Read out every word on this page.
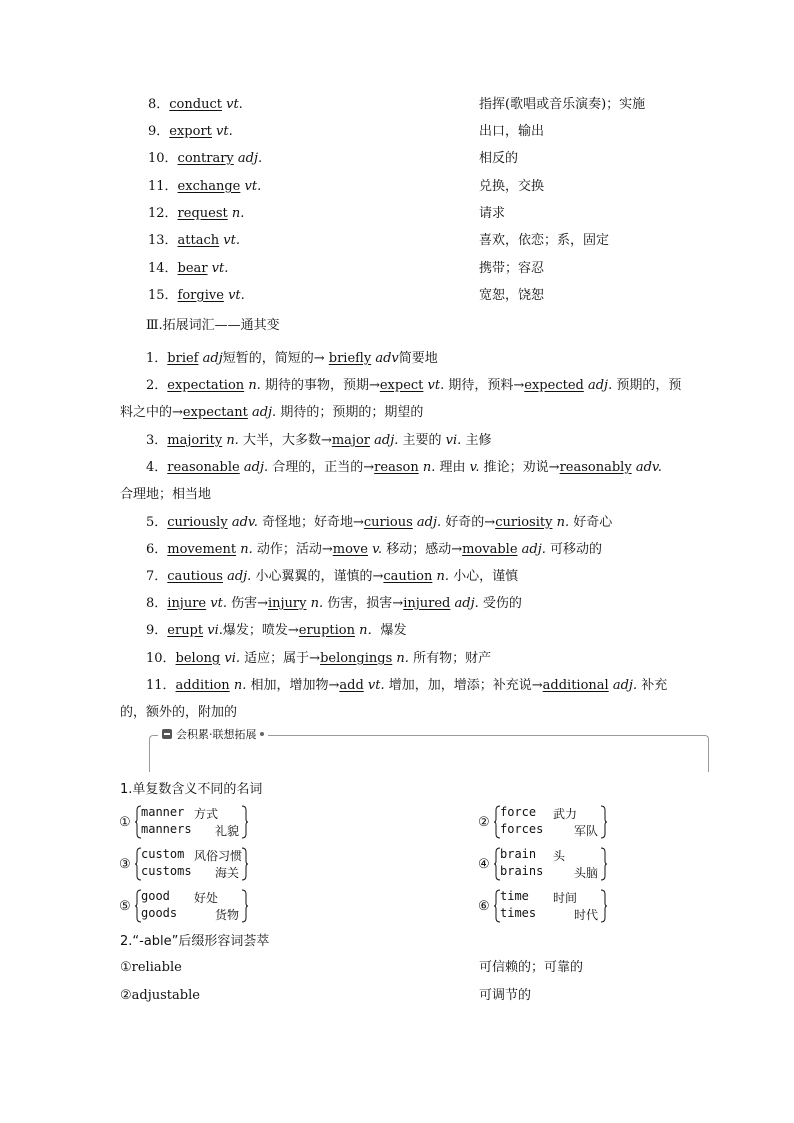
8．conduct vt.	指挥(歌唱或音乐演奏)；实施
9．export vt.	出口，输出
10．contrary adj.	相反的
11．exchange vt.	兑换，交换
12．request n.	请求
13．attach vt.	喜欢，依恋；系，固定
14．bear vt.	携带；容忍
15．forgive vt.	宽恕，饶恕
Ⅲ.拓展词汇——通其变
1．brief adj短暂的，简短的→ briefly adv简要地
2．expectation n. 期待的事物，预期→expect vt. 期待，预料→expected adj. 预期的，预
料之中的→expectant adj. 期待的；预期的；期望的
3．majority n. 大半，大多数→major adj. 主要的 vi. 主修
4．reasonable adj. 合理的，正当的→reason n. 理由 v. 推论；劝说→reasonably adv.
合理地；相当地
5．curiously adv. 奇怪地；好奇地→curious adj. 好奇的→curiosity n. 好奇心
6．movement n. 动作；活动→move v. 移动；感动→movable adj. 可移动的
7．cautious adj. 小心翼翼的，谨慎的→caution n. 小心，谨慎
8．injure vt. 伤害→injury n. 伤害，损害→injured adj. 受伤的
9．erupt vi.爆发；喷发→eruption n．爆发
10．belong vi. 适应；属于→belongings n. 所有物；财产
11．addition n. 相加，增加物→add vt. 增加，加，增添；补充说→additional adj. 补充
的，额外的，附加的
会积累·联想拓展
1.单复数含义不同的名词
①
manner 方式
manners 礼貌
②
force 武力
forces	军队
③
custom 风俗习惯
customs 海关
④
brain 头
brains	头脑
⑤
good 好处
goods	货物
⑥
time 时间
times	时代
2.“-able”后缀形容词荟萃
①reliable	可信赖的；可靠的
②adjustable	可调节的
